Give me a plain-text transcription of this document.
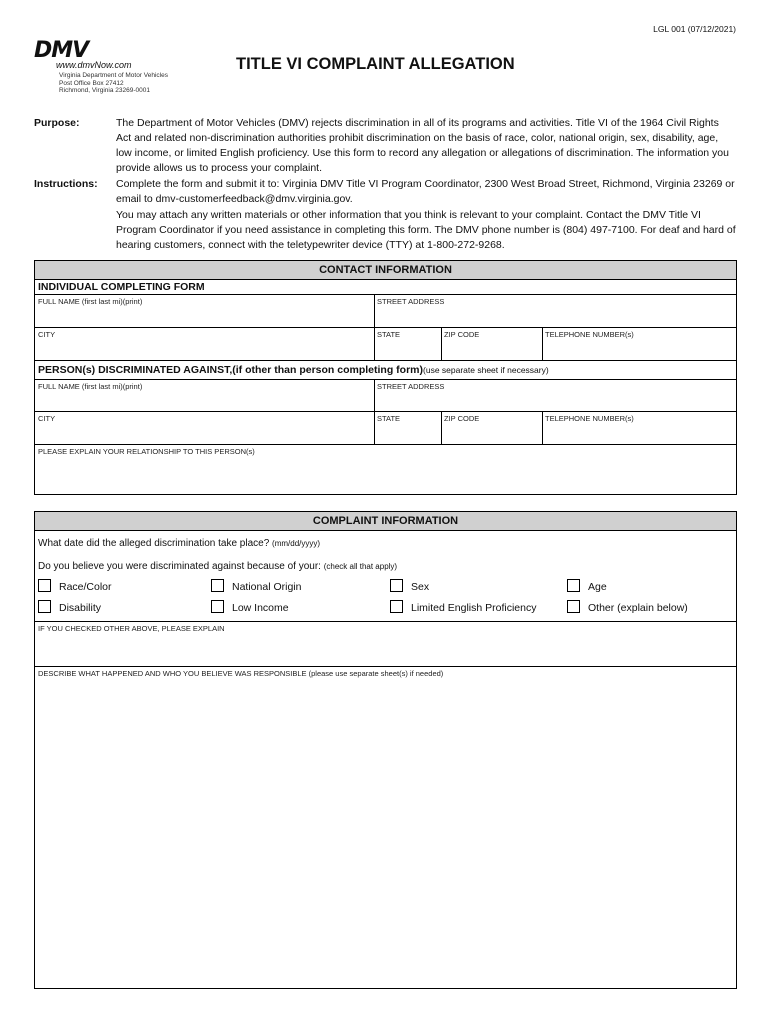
LGL 001 (07/12/2021)
DMV
www.dmvNow.com
Virginia Department of Motor Vehicles
Post Office Box 27412
Richmond, Virginia 23269-0001
TITLE VI COMPLAINT ALLEGATION
Purpose:	The Department of Motor Vehicles (DMV) rejects discrimination in all of its programs and activities. Title VI of the 1964 Civil Rights Act and related non-discrimination authorities prohibit discrimination on the basis of race, color, national origin, sex, disability, age, low income, or limited English proficiency. Use this form to record any allegation or allegations of discrimination. The information you provide allows us to process your complaint.
Instructions: Complete the form and submit it to: Virginia DMV Title VI Program Coordinator, 2300 West Broad Street, Richmond, Virginia 23269 or email to dmv-customerfeedback@dmv.virginia.gov.
You may attach any written materials or other information that you think is relevant to your complaint. Contact the DMV Title VI Program Coordinator if you need assistance in completing this form. The DMV phone number is (804) 497-7100. For deaf and hard of hearing customers, connect with the teletypewriter device (TTY) at 1-800-272-9268.
CONTACT INFORMATION
INDIVIDUAL COMPLETING FORM
FULL NAME (first last mi)(print)	STREET ADDRESS
CITY	STATE	ZIP CODE	TELEPHONE NUMBER(s)
PERSON(s) DISCRIMINATED AGAINST,(if other than person completing form)(use separate sheet if necessary)
FULL NAME (first last mi)(print)	STREET ADDRESS
CITY	STATE	ZIP CODE	TELEPHONE NUMBER(s)
PLEASE EXPLAIN YOUR RELATIONSHIP TO THIS PERSON(s)
COMPLAINT INFORMATION
What date did the alleged discrimination take place? (mm/dd/yyyy)
Do you believe you were discriminated against because of your: (check all that apply)
Race/Color	National Origin	Sex	Age
Disability	Low Income	Limited English Proficiency	Other (explain below)
IF YOU CHECKED OTHER ABOVE, PLEASE EXPLAIN
DESCRIBE WHAT HAPPENED AND WHO YOU BELIEVE WAS RESPONSIBLE (please use separate sheet(s) if needed)
